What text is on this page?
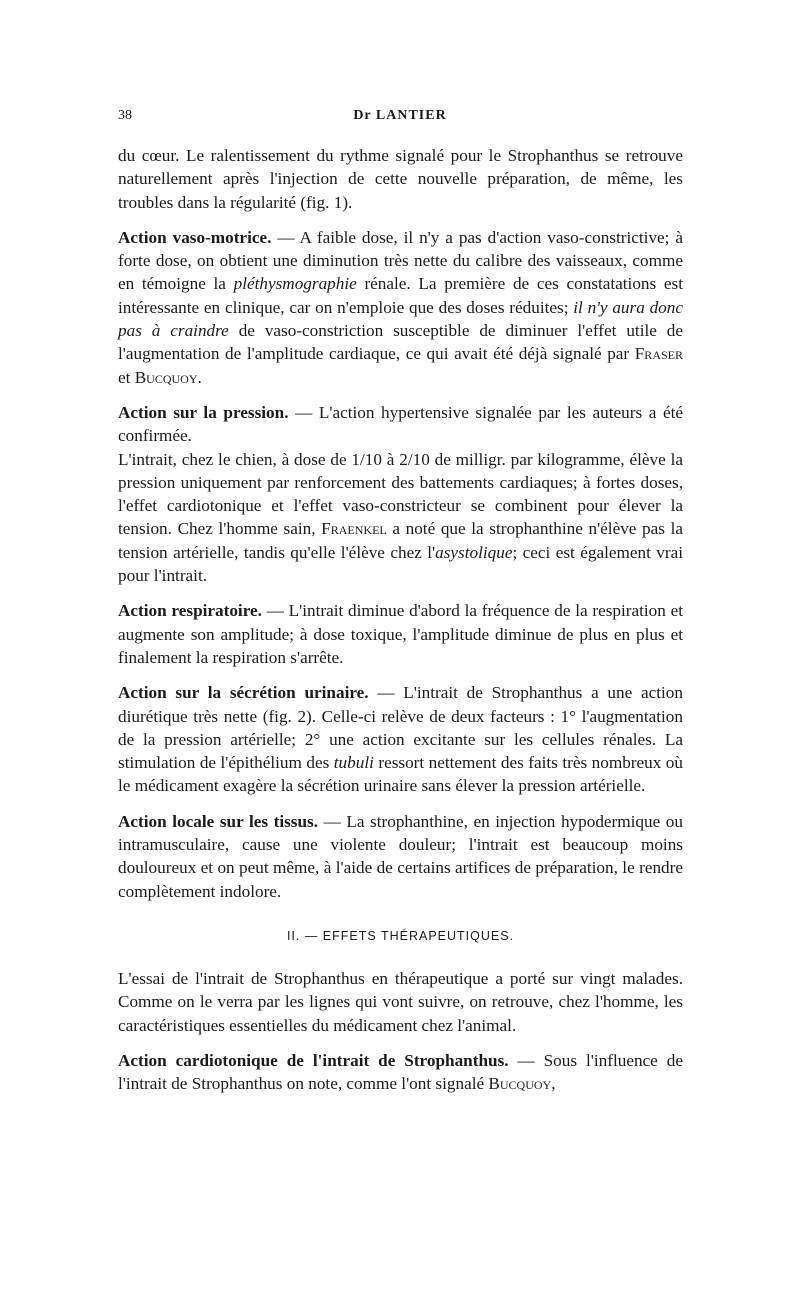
38	Dr LANTIER

du cœur. Le ralentissement du rythme signalé pour le Strophanthus se retrouve naturellement après l'injection de cette nouvelle préparation, de même, les troubles dans la régularité (fig. 1).

Action vaso-motrice. — A faible dose, il n'y a pas d'action vaso-constrictive; à forte dose, on obtient une diminution très nette du calibre des vaisseaux, comme en témoigne la pléthysmographie rénale. La première de ces constatations est intéressante en clinique, car on n'emploie que des doses réduites; il n'y aura donc pas à craindre de vaso-constriction susceptible de diminuer l'effet utile de l'augmentation de l'amplitude cardiaque, ce qui avait été déjà signalé par Fraser et Bucquoy.

Action sur la pression. — L'action hypertensive signalée par les auteurs a été confirmée.

L'intrait, chez le chien, à dose de 1/10 à 2/10 de milligr. par kilogramme, élève la pression uniquement par renforcement des battements cardiaques; à fortes doses, l'effet cardiotonique et l'effet vaso-constricteur se combinent pour élever la tension. Chez l'homme sain, Fraenkel a noté que la strophanthine n'élève pas la tension artérielle, tandis qu'elle l'élève chez l'asystolique; ceci est également vrai pour l'intrait.

Action respiratoire. — L'intrait diminue d'abord la fréquence de la respiration et augmente son amplitude; à dose toxique, l'amplitude diminue de plus en plus et finalement la respiration s'arrête.

Action sur la sécrétion urinaire. — L'intrait de Strophanthus a une action diurétique très nette (fig. 2). Celle-ci relève de deux facteurs : 1° l'augmentation de la pression artérielle; 2° une action excitante sur les cellules rénales. La stimulation de l'épithélium des tubuli ressort nettement des faits très nombreux où le médicament exagère la sécrétion urinaire sans élever la pression artérielle.

Action locale sur les tissus. — La strophanthine, en injection hypodermique ou intramusculaire, cause une violente douleur; l'intrait est beaucoup moins douloureux et on peut même, à l'aide de certains artifices de préparation, le rendre complètement indolore.

II. — EFFETS THÉRAPEUTIQUES.

L'essai de l'intrait de Strophanthus en thérapeutique a porté sur vingt malades. Comme on le verra par les lignes qui vont suivre, on retrouve, chez l'homme, les caractéristiques essentielles du médicament chez l'animal.

Action cardiotonique de l'intrait de Strophanthus. — Sous l'influence de l'intrait de Strophanthus on note, comme l'ont signalé Bucquoy,
